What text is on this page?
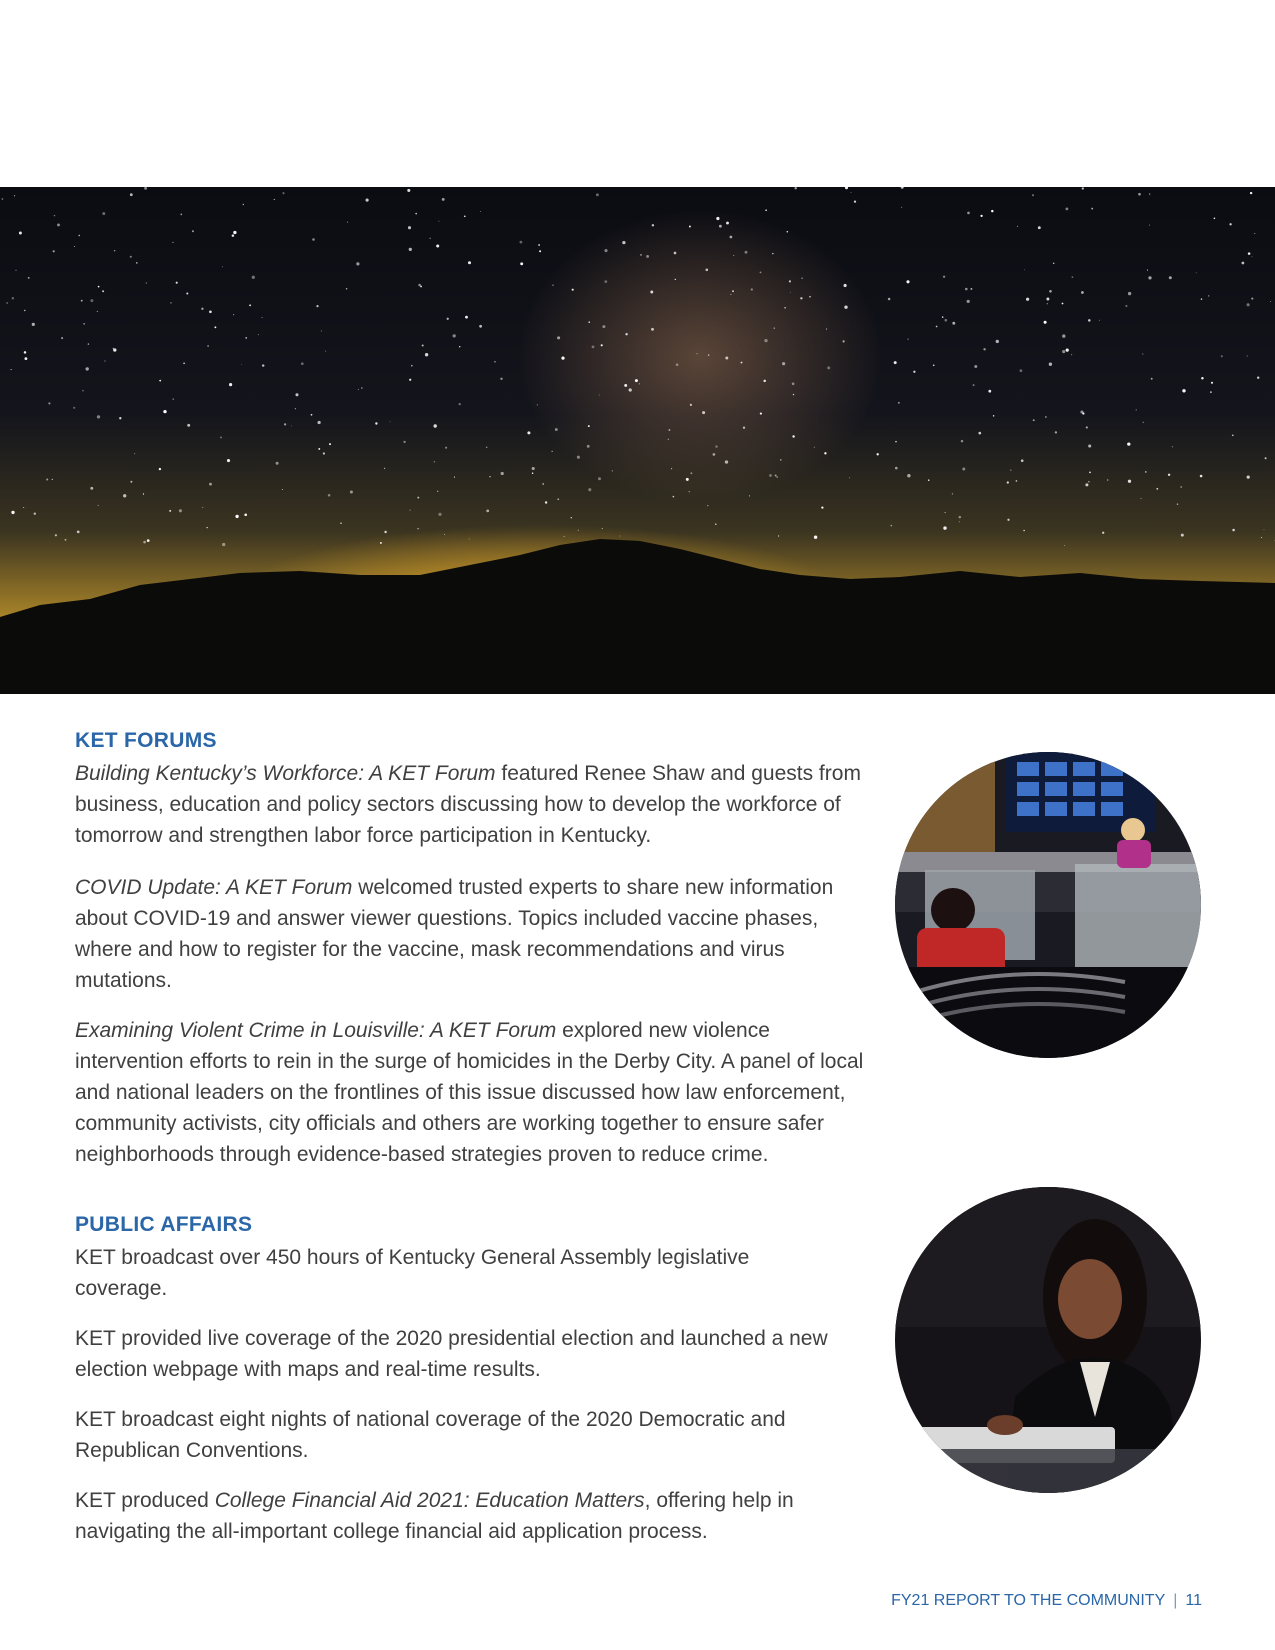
KET FORUMS

Building Kentucky’s Workforce: A KET Forum featured Renee Shaw and guests from business, education and policy sectors discussing how to develop the workforce of tomorrow and strengthen labor force participation in Kentucky.

COVID Update: A KET Forum welcomed trusted experts to share new information about COVID-19 and answer viewer questions. Topics included vaccine phases, where and how to register for the vaccine, mask recommendations and virus mutations.

Examining Violent Crime in Louisville: A KET Forum explored new violence intervention efforts to rein in the surge of homicides in the Derby City. A panel of local and national leaders on the frontlines of this issue discussed how law enforcement, community activists, city officials and others are working together to ensure safer neighborhoods through evidence-based strategies proven to reduce crime.

PUBLIC AFFAIRS

KET broadcast over 450 hours of Kentucky General Assembly legislative coverage.

KET provided live coverage of the 2020 presidential election and launched a new election webpage with maps and real-time results.

KET broadcast eight nights of national coverage of the 2020 Democratic and Republican Conventions.

KET produced College Financial Aid 2021: Education Matters, offering help in navigating the all-important college financial aid application process.

FY21 REPORT TO THE COMMUNITY | 11
